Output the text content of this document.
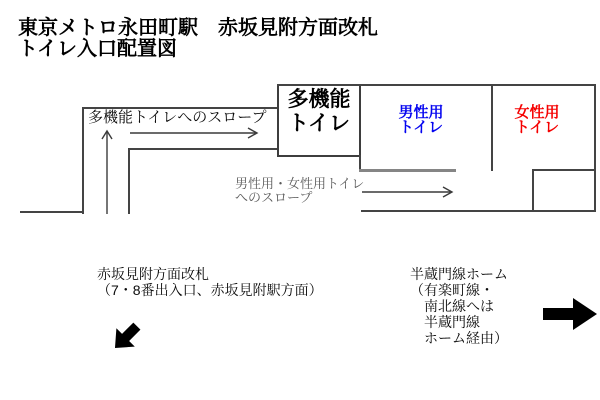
東京メトロ永田町駅　赤坂見附方面改札
トイレ入口配置図
多機能トイレへのスロープ
多機能
トイレ	男性用
トイレ
女性用
トイレ
男性用・女性用トイレ
へのスロープ
赤坂見附方面改札
（7・8番出入口、赤坂見附駅方面）
半蔵門線ホーム
（有楽町線・
　南北線へは
　半蔵門線
　ホーム経由）
